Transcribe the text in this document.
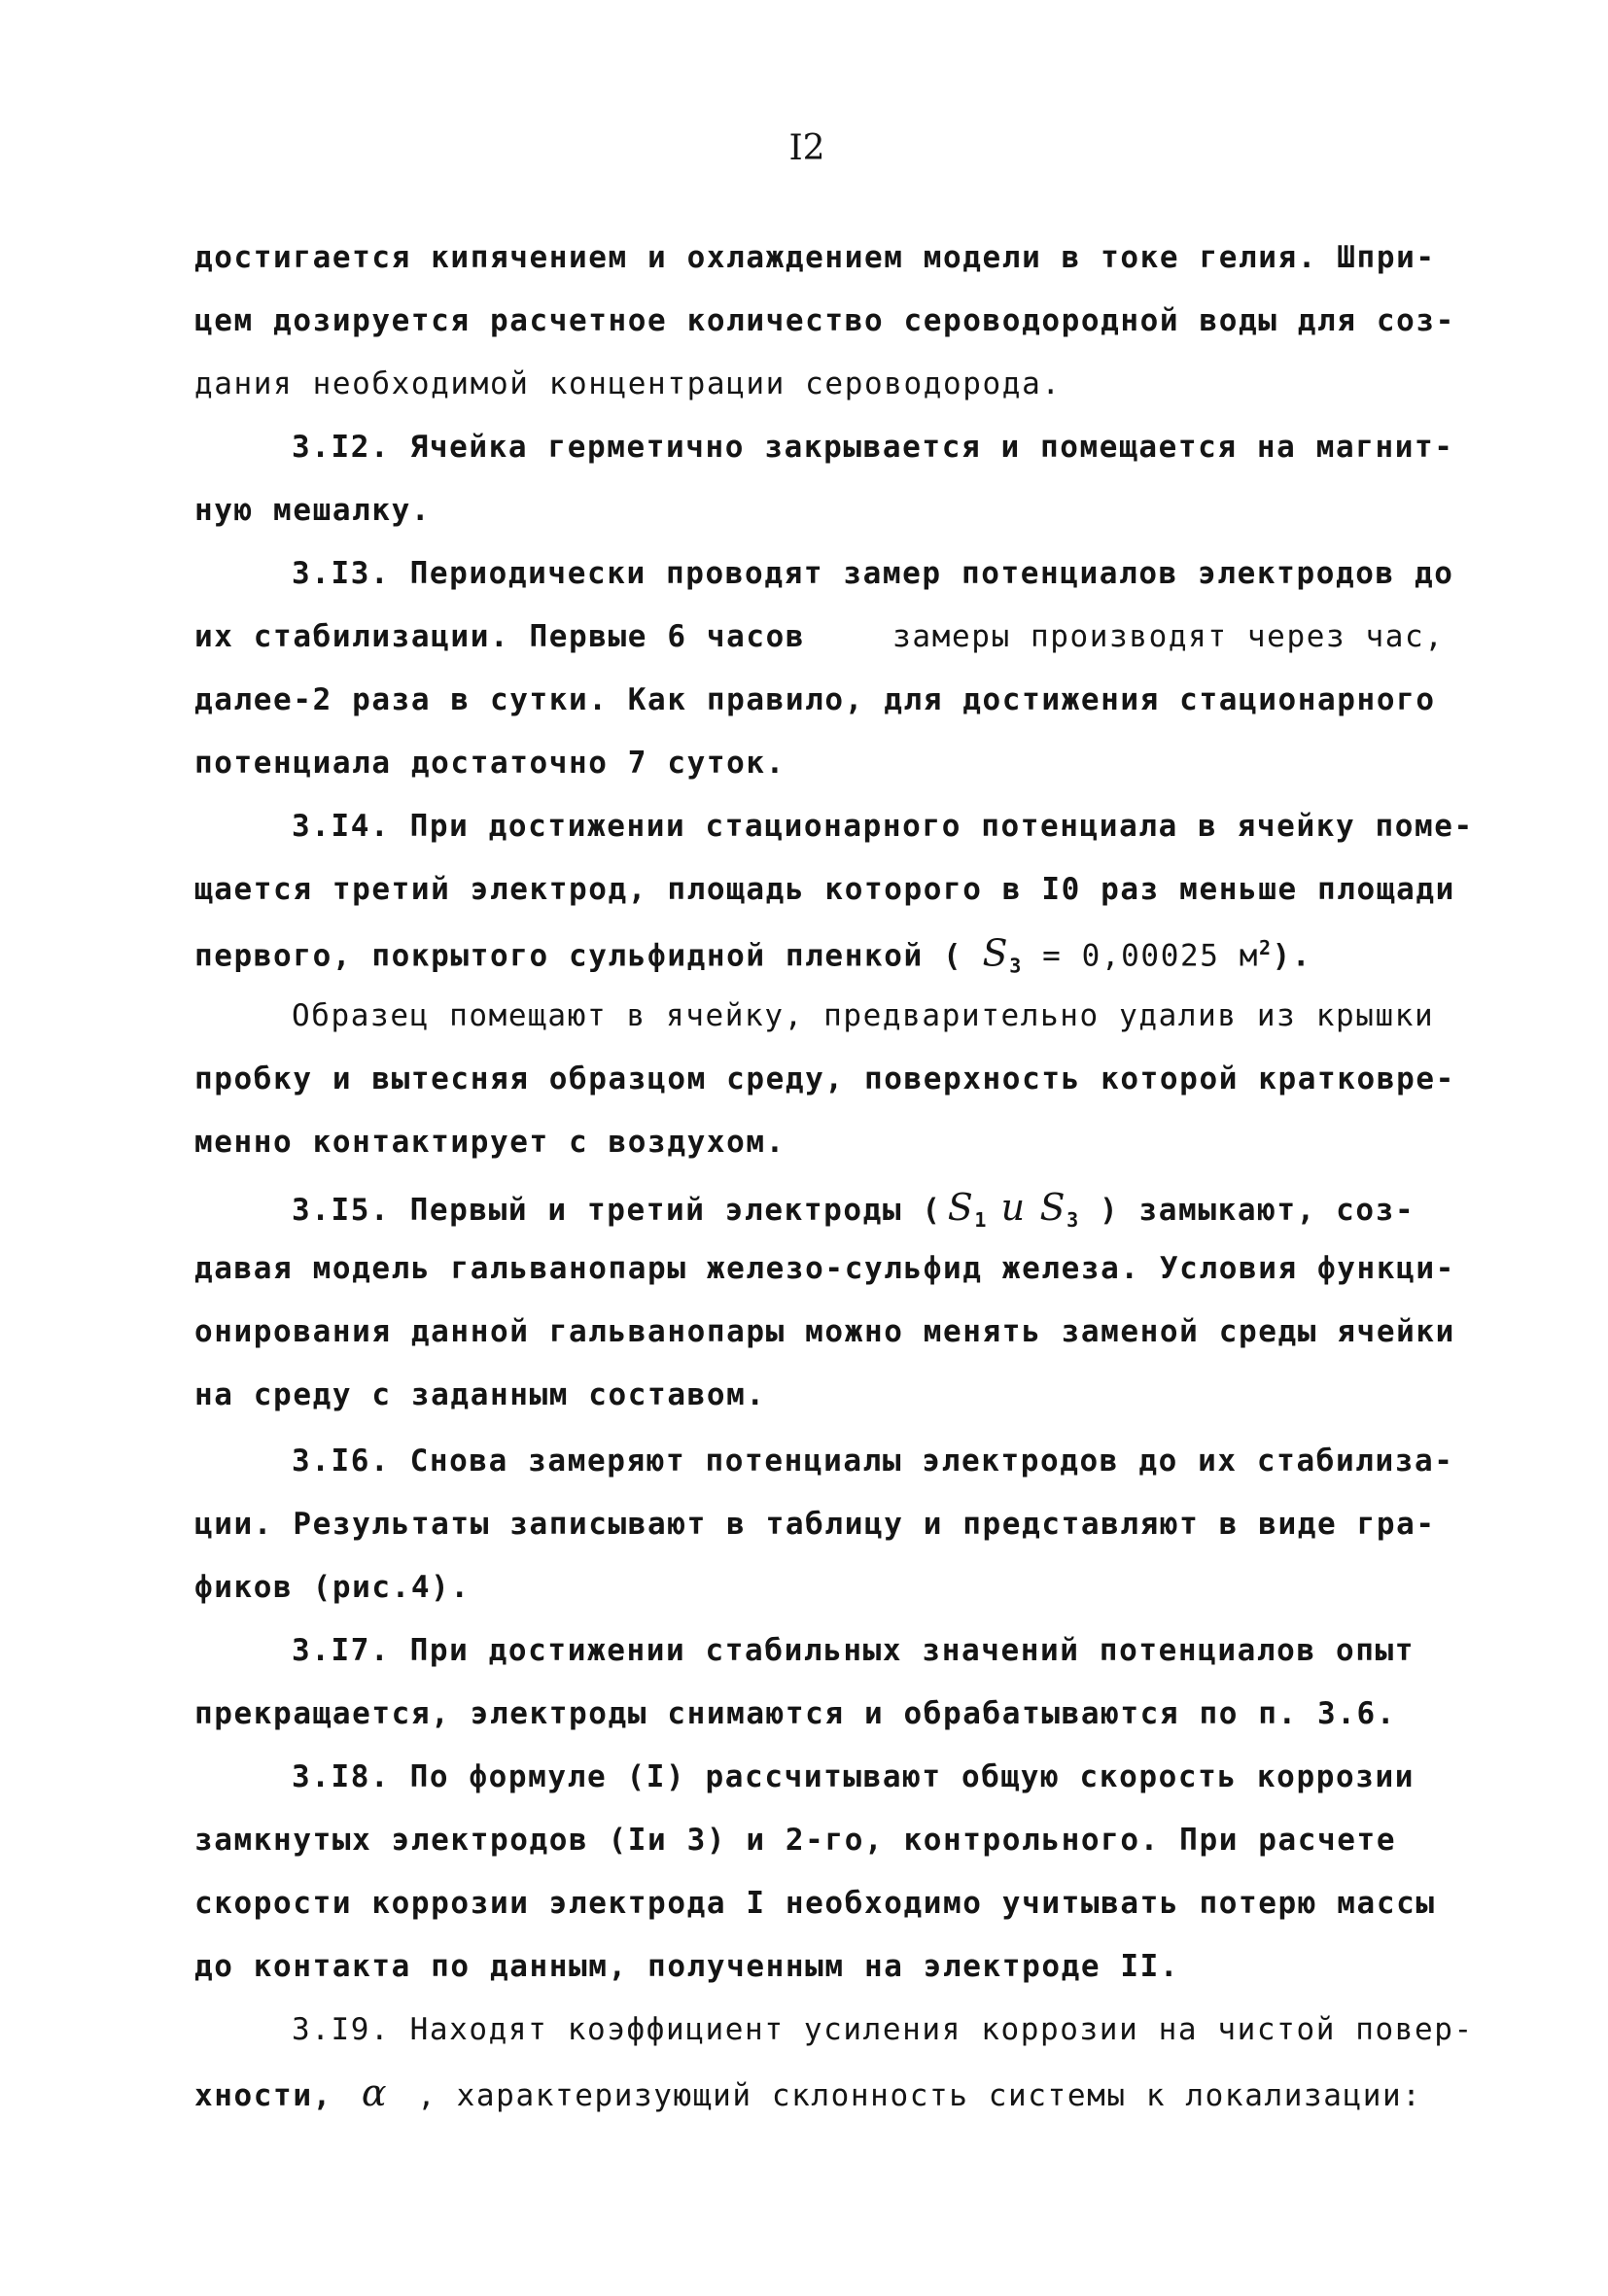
I2
достигается кипячением и охлаждением модели в токе гелия. Шпри-
цем дозируется расчетное количество сероводородной воды для соз-
дания необходимой концентрации сероводорода.
3.I2. Ячейка герметично закрывается и помещается на магнит-
ную мешалку.
3.I3. Периодически проводят замер потенциалов электродов до
их стабилизации. Первые 6 часов	замеры производят через час,
далее-2 раза в сутки. Как правило, для достижения стационарного
потенциала достаточно 7 суток.
3.I4. При достижении стационарного потенциала в ячейку поме-
щается третий электрод, площадь которого в I0 раз меньше площади
первого, покрытого сульфидной пленкой ( $S_3 = 0,00025$ $м^2$).
Образец помещают в ячейку, предварительно удалив из крышки
пробку и вытесняя образцом среду, поверхность которой кратковре-
менно контактирует с воздухом.
3.I5. Первый и третий электроды ( $S_1$ и $S_3$ ) замыкают, соз-
давая модель гальванопары железо-сульфид железа. Условия функци-
онирования данной гальванопары можно менять заменой среды ячейки
на среду с заданным составом.
3.I6. Снова замеряют потенциалы электродов до их стабилиза-
ции. Результаты записывают в таблицу и представляют в виде гра-
фиков (рис.4).
3.I7. При достижении стабильных значений потенциалов опыт
прекращается, электроды снимаются и обрабатываются по п. 3.6.
3.I8. По формуле (I) рассчитывают общую скорость коррозии
замкнутых электродов (Iи 3) и 2-го, контрольного. При расчете
скорости коррозии электрода I необходимо учитывать потерю массы
до контакта по данным, полученным на электроде II.
3.I9. Находят коэффициент усиления коррозии на чистой повер-
хности, α , характеризующий склонность системы к локализации:
